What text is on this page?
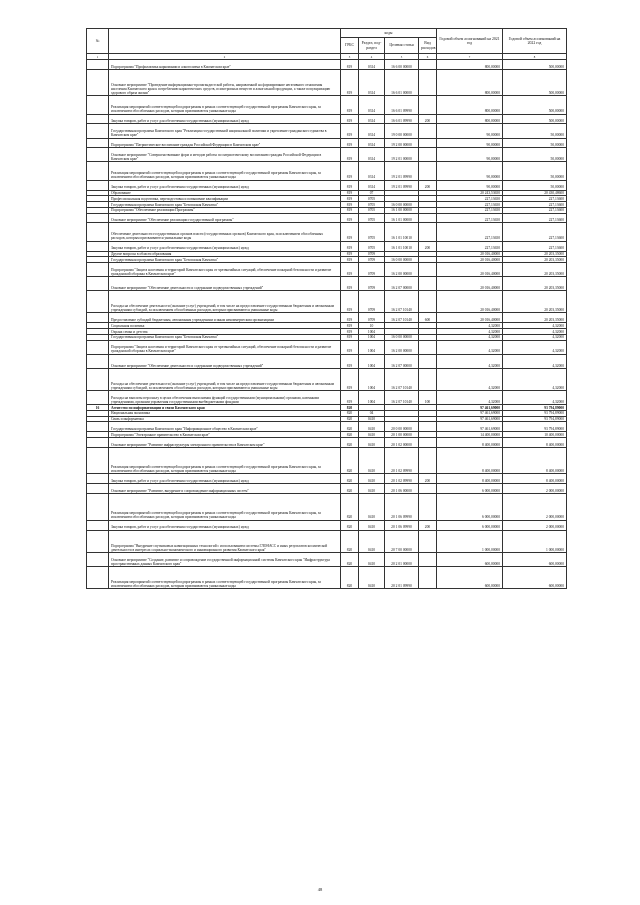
№		коды				Годовой объем ассигнований на 2021 год	Годовой объем ассигнований на 2022 год
		ГРБС	Раздел, под-раздел	Целевая статья	Вид расходов		
1	2	3	4	5	6	7	8
	Подпрограмма "Профилактика наркомании и алкоголизма в Камчатском крае"	819	0314	16 6 00 00000		800,00000	500,00000
	Основное мероприятие "Проведение информационно-пропагандистской работы, направленной на формирование негативного отношения населения Камчатского края к потреблению наркотических средств, психотропных веществ и алкогольной продукции, а также популяризацию здорового образа жизни"	819	0314	16 6 01 00000		800,00000	500,00000
	Реализация мероприятий соответствующей подпрограммы в рамках соответствующей государственной программы Камчатского края, за исключением обособленных расходов, которым присваиваются уникальные коды	819	0314	16 6 01 09990		800,00000	500,00000
	Закупка товаров, работ и услуг для обеспечения государственных (муниципальных) нужд	819	0314	16 6 01 09990	200	800,00000	500,00000
	Государственная программа Камчатского края "Реализация государственной национальной политики и укрепление гражданского единства в Камчатском крае"	819	0314	19 0 00 00000		90,00000	50,00000
	Подпрограмма "Патриотическое воспитание граждан Российской Федерации в Камчатском крае"	819	0314	19 2 00 00000		90,00000	50,00000
	Основное мероприятие "Совершенствование форм и методов работы по патриотическому воспитанию граждан Российской Федерации в Камчатском крае"	819	0314	19 2 01 00000		90,00000	50,00000
	Реализация мероприятий соответствующей подпрограммы в рамках соответствующей государственной программы Камчатского края, за исключением обособленных расходов, которым присваиваются уникальные коды	819	0314	19 2 01 09990		90,00000	50,00000
	Закупка товаров, работ и услуг для обеспечения государственных (муниципальных) нужд	819	0314	19 2 01 09990	200	90,00000	50,00000
	Образование	819	07			20 243,53650	20 430,48600
	Профессиональная подготовка, переподготовка и повышение квалификации	819	0705			227,13650	227,13600
	Государственная программа Камчатского края "Безопасная Камчатка"	819	0705	16 0 00 00000		227,13650	227,13600
	Подпрограмма "Обеспечение реализации Программы"	819	0705	16 1 00 00000		227,13650	227,13600
	Основное мероприятие "Обеспечение реализации государственной программы"	819	0705	16 1 01 00000		227,13650	227,13600
	Обеспечение деятельности государственных органов власти (государственных органов) Камчатского края, за исключением обособленных расходов, которым присваиваются уникальные коды	819	0705	16 1 01 10010		227,13650	227,13600
	Закупка товаров, работ и услуг для обеспечения государственных (муниципальных) нужд	819	0705	16 1 01 10010	200	227,13650	227,13600
	Другие вопросы в области образования	819	0709			20 016,40000	20 203,35000
	Государственная программа Камчатского края "Безопасная Камчатка"	819	0709	16 0 00 00000		20 016,40000	20 203,35000
	Подпрограмма "Защита населения и территорий Камчатского края от чрезвычайных ситуаций, обеспечение пожарной безопасности и развитие гражданской обороны в Камчатском крае"	819	0709	16 2 00 00000		20 016,40000	20 203,35000
	Основное мероприятие "Обеспечение деятельности и содержание подведомственных учреждений"	819	0709	16 2 07 00000		20 016,40000	20 203,35000
	Расходы на обеспечение деятельности (оказание услуг) учреждений, в том числе на предоставление государственным бюджетным и автономным учреждениям субсидий, за исключением обособленных расходов, которым присваиваются уникальные коды	819	0709	16 2 07 10140		20 016,40000	20 203,35000
	Предоставление субсидий бюджетным, автономным учреждениям и иным некоммерческим организациям	819	0709	16 2 07 10140	600	20 016,40000	20 203,35000
	Социальная политика	819	10			4,32000	4,32000
	Охрана семьи и детства	819	1004			4,32000	4,32000
	Государственная программа Камчатского края "Безопасная Камчатка"	819	1004	16 0 00 00000		4,32000	4,32000
	Подпрограмма "Защита населения и территорий Камчатского края от чрезвычайных ситуаций, обеспечение пожарной безопасности и развитие гражданской обороны в Камчатском крае"	819	1004	16 2 00 00000		4,32000	4,32000
	Основное мероприятие "Обеспечение деятельности и содержание подведомственных учреждений"	819	1004	16 2 07 00000		4,32000	4,32000
	Расходы на обеспечение деятельности (оказание услуг) учреждений, в том числе на предоставление государственным бюджетным и автономным учреждениям субсидий, за исключением обособленных расходов, которым присваиваются уникальные коды	819	1004	16 2 07 10140		4,32000	4,32000
	Расходы на выплаты персоналу в целях обеспечения выполнения функций государственными (муниципальными) органами, казенными учреждениями, органами управления государственными внебюджетными фондами	819	1004	16 2 07 10140	100	4,32000	4,32000
16	Агентство по информатизации и связи Камчатского края	820				97 461,69000	93 794,89000
	Национальная экономика	820	04			97 461,69000	93 794,89000
	Связь и информатика	820	0410			97 461,69000	93 794,89000
	Государственная программа Камчатского края "Информационное общество в Камчатском крае"	820	0410	20 0 00 00000		97 461,69000	93 794,89000
	Подпрограмма "Электронное правительство в Камчатском крае"	820	0410	20 1 00 00000		14 400,00000	10 400,00000
	Основное мероприятие "Развитие инфраструктуры электронного правительства в Камчатском крае"	820	0410	20 1 02 00000		8 400,00000	8 400,00000
	Реализация мероприятий соответствующей подпрограммы в рамках соответствующей государственной программы Камчатского края, за исключением обособленных расходов, которым присваиваются уникальные коды	820	0410	20 1 02 09990		8 400,00000	8 400,00000
	Закупка товаров, работ и услуг для обеспечения государственных (муниципальных) нужд	820	0410	20 1 02 09990	200	8 400,00000	8 400,00000
	Основное мероприятие "Развитие, внедрение и сопровождение информационных систем"	820	0410	20 1 06 00000		6 000,00000	2 000,00000
	Реализация мероприятий соответствующей подпрограммы в рамках соответствующей государственной программы Камчатского края, за исключением обособленных расходов, которым присваиваются уникальные коды	820	0410	20 1 06 09990		6 000,00000	2 000,00000
	Закупка товаров, работ и услуг для обеспечения государственных (муниципальных) нужд	820	0410	20 1 06 09990	200	6 000,00000	2 000,00000
	Подпрограмма "Внедрение спутниковых навигационных технологий с использованием системы ГЛОНАСС и иных результатов космической деятельности в интересах социально-экономического и инновационного развития Камчатского края"	820	0410	20 7 00 00000		1 000,00000	1 000,00000
	Основное мероприятие "Создание, развитие и сопровождение государственной информационной системы Камчатского края "Инфраструктура пространственных данных Камчатского края"	820	0410	20 2 01 00000		600,00000	600,00000
	Реализация мероприятий соответствующей подпрограммы в рамках соответствующей государственной программы Камчатского края, за исключением обособленных расходов, которым присваиваются уникальные коды	820	0410	20 2 01 09990		600,00000	600,00000
48
